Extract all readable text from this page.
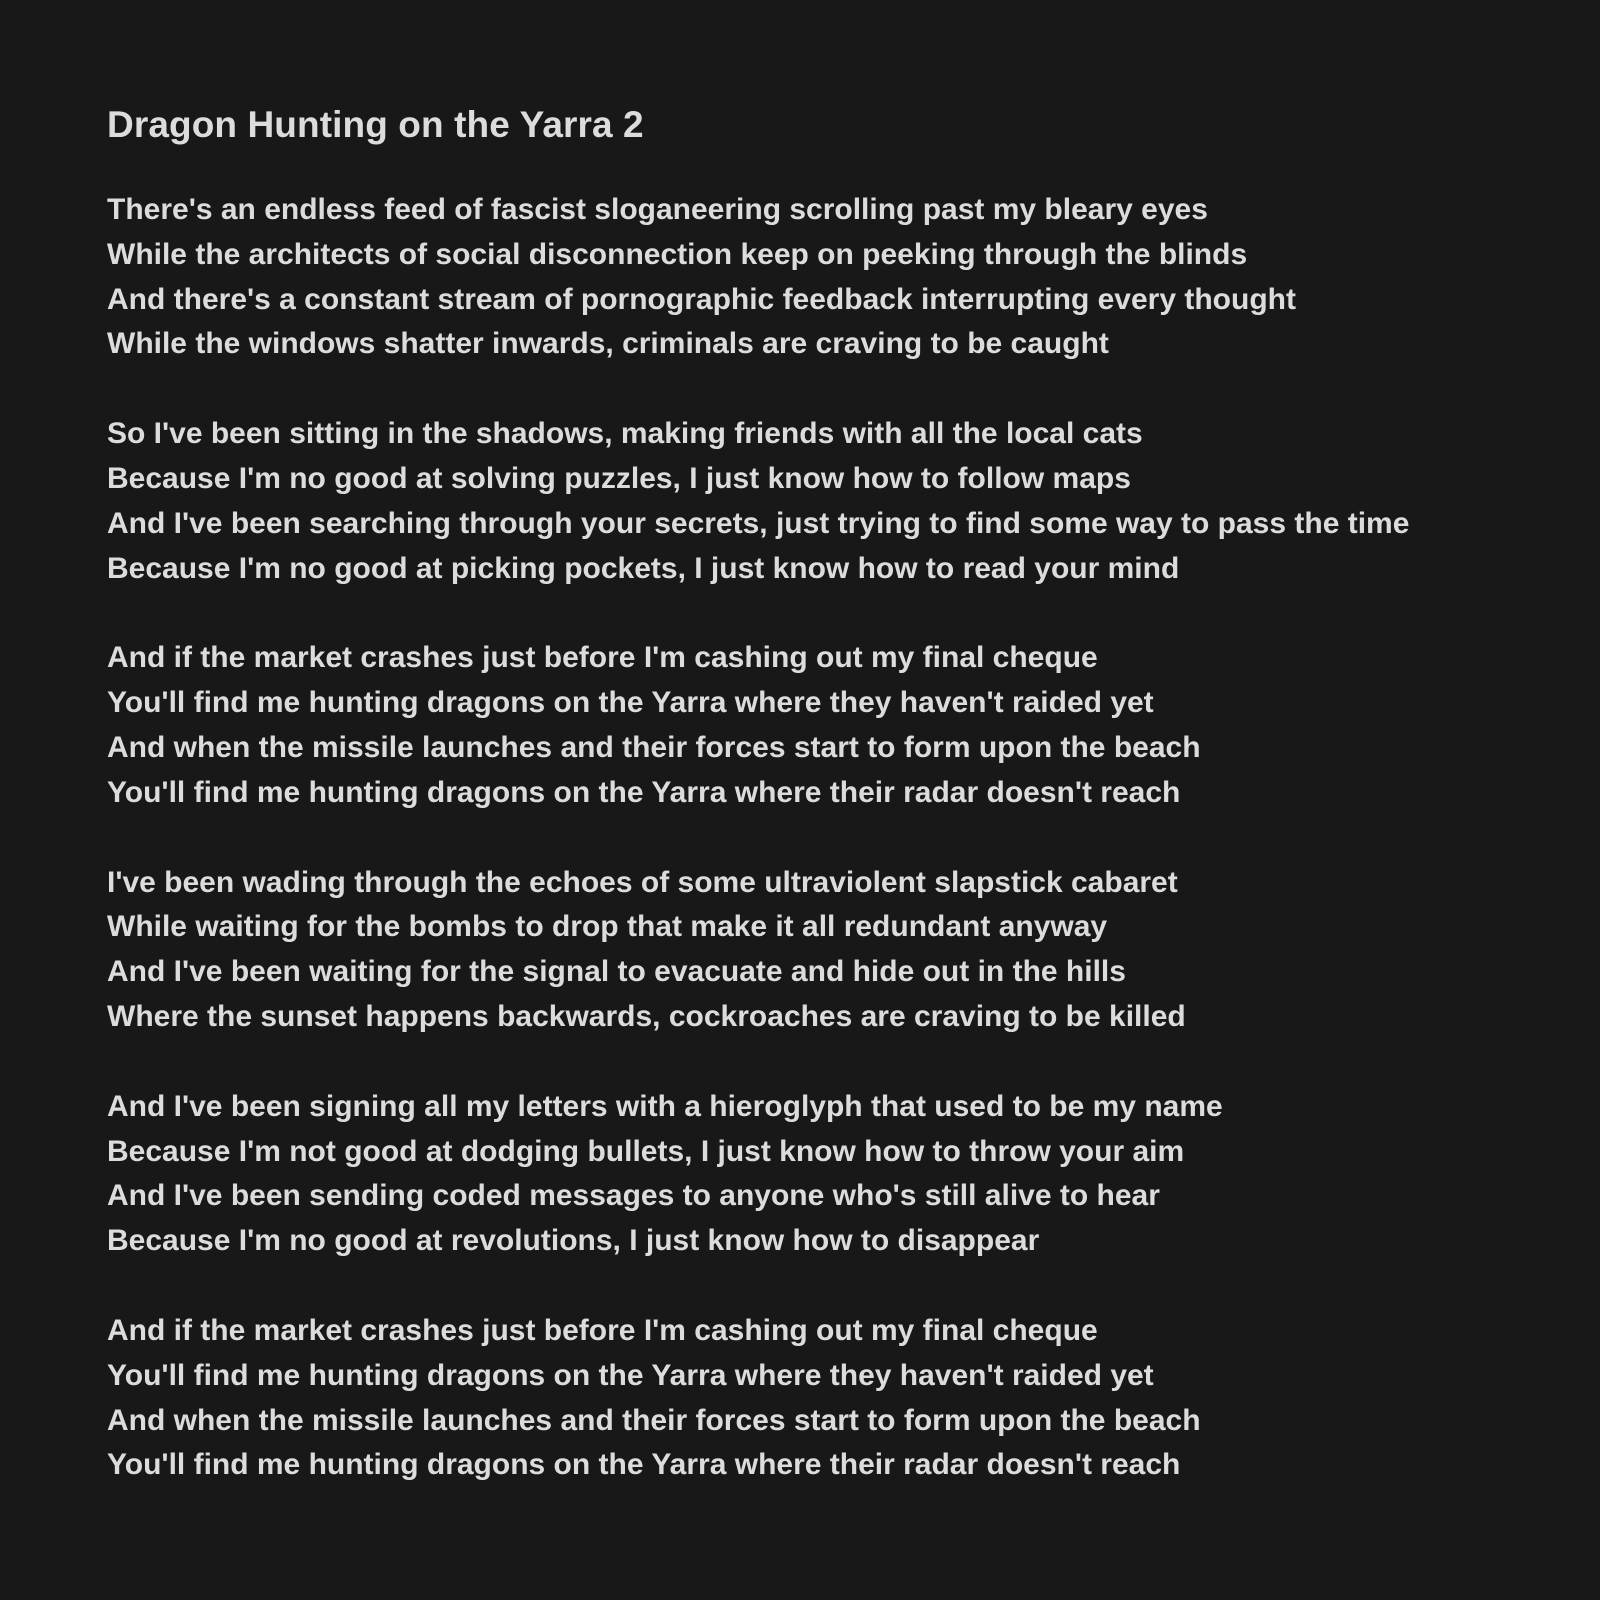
Dragon Hunting on the Yarra 2
There's an endless feed of fascist sloganeering scrolling past my bleary eyes
While the architects of social disconnection keep on peeking through the blinds
And there's a constant stream of pornographic feedback interrupting every thought
While the windows shatter inwards, criminals are craving to be caught
So I've been sitting in the shadows, making friends with all the local cats
Because I'm no good at solving puzzles, I just know how to follow maps
And I've been searching through your secrets, just trying to find some way to pass the time
Because I'm no good at picking pockets, I just know how to read your mind
And if the market crashes just before I'm cashing out my final cheque
You'll find me hunting dragons on the Yarra where they haven't raided yet
And when the missile launches and their forces start to form upon the beach
You'll find me hunting dragons on the Yarra where their radar doesn't reach
I've been wading through the echoes of some ultraviolent slapstick cabaret
While waiting for the bombs to drop that make it all redundant anyway
And I've been waiting for the signal to evacuate and hide out in the hills
Where the sunset happens backwards, cockroaches are craving to be killed
And I've been signing all my letters with a hieroglyph that used to be my name
Because I'm not good at dodging bullets, I just know how to throw your aim
And I've been sending coded messages to anyone who's still alive to hear
Because I'm no good at revolutions, I just know how to disappear
And if the market crashes just before I'm cashing out my final cheque
You'll find me hunting dragons on the Yarra where they haven't raided yet
And when the missile launches and their forces start to form upon the beach
You'll find me hunting dragons on the Yarra where their radar doesn't reach
